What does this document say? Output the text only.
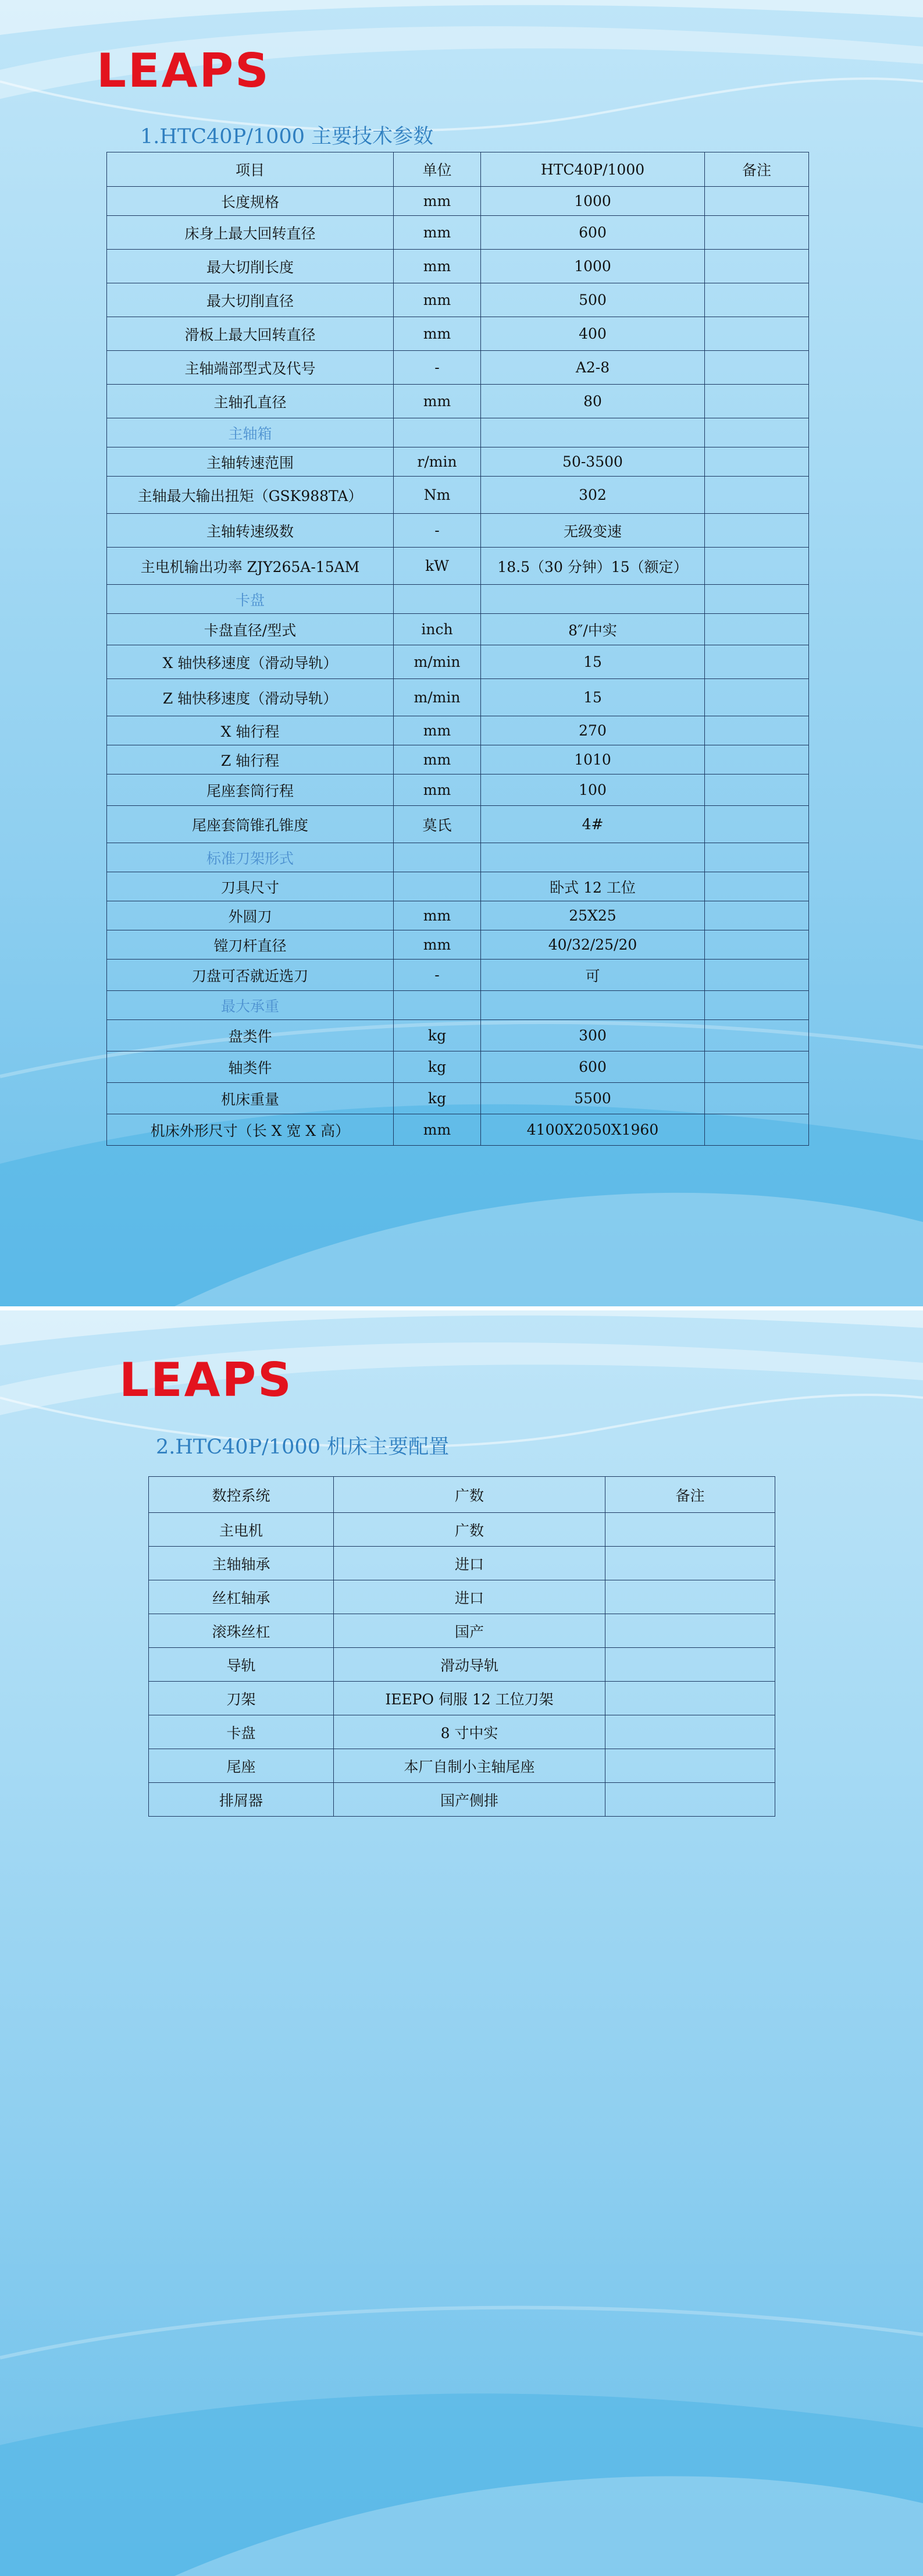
LEAPS
1.HTC40P/1000 主要技术参数
项目	单位	HTC40P/1000	备注
长度规格	mm	1000	
床身上最大回转直径	mm	600	
最大切削长度	mm	1000	
最大切削直径	mm	500	
滑板上最大回转直径	mm	400	
主轴端部型式及代号	-	A2-8	
主轴孔直径	mm	80	
主轴箱			
主轴转速范围	r/min	50-3500	
主轴最大输出扭矩（GSK988TA）	Nm	302	
主轴转速级数	-	无级变速	
主电机输出功率 ZJY265A-15AM	kW	18.5（30 分钟）15（额定）	
卡盘			
卡盘直径/型式	inch	8″/中实	
X 轴快移速度（滑动导轨）	m/min	15	
Z 轴快移速度（滑动导轨）	m/min	15	
X 轴行程	mm	270	
Z 轴行程	mm	1010	
尾座套筒行程	mm	100	
尾座套筒锥孔锥度	莫氏	4#	
标准刀架形式			
刀具尺寸		卧式 12 工位	
外圆刀	mm	25X25	
镗刀杆直径	mm	40/32/25/20	
刀盘可否就近选刀	-	可	
最大承重			
盘类件	kg	300	
轴类件	kg	600	
机床重量	kg	5500	
机床外形尺寸（长 X 宽 X 高）	mm	4100X2050X1960	
LEAPS
2.HTC40P/1000 机床主要配置
数控系统	广数	备注
主电机	广数	
主轴轴承	进口	
丝杠轴承	进口	
滚珠丝杠	国产	
导轨	滑动导轨	
刀架	IEEPO 伺服 12 工位刀架	
卡盘	8 寸中实	
尾座	本厂自制小主轴尾座	
排屑器	国产侧排	
